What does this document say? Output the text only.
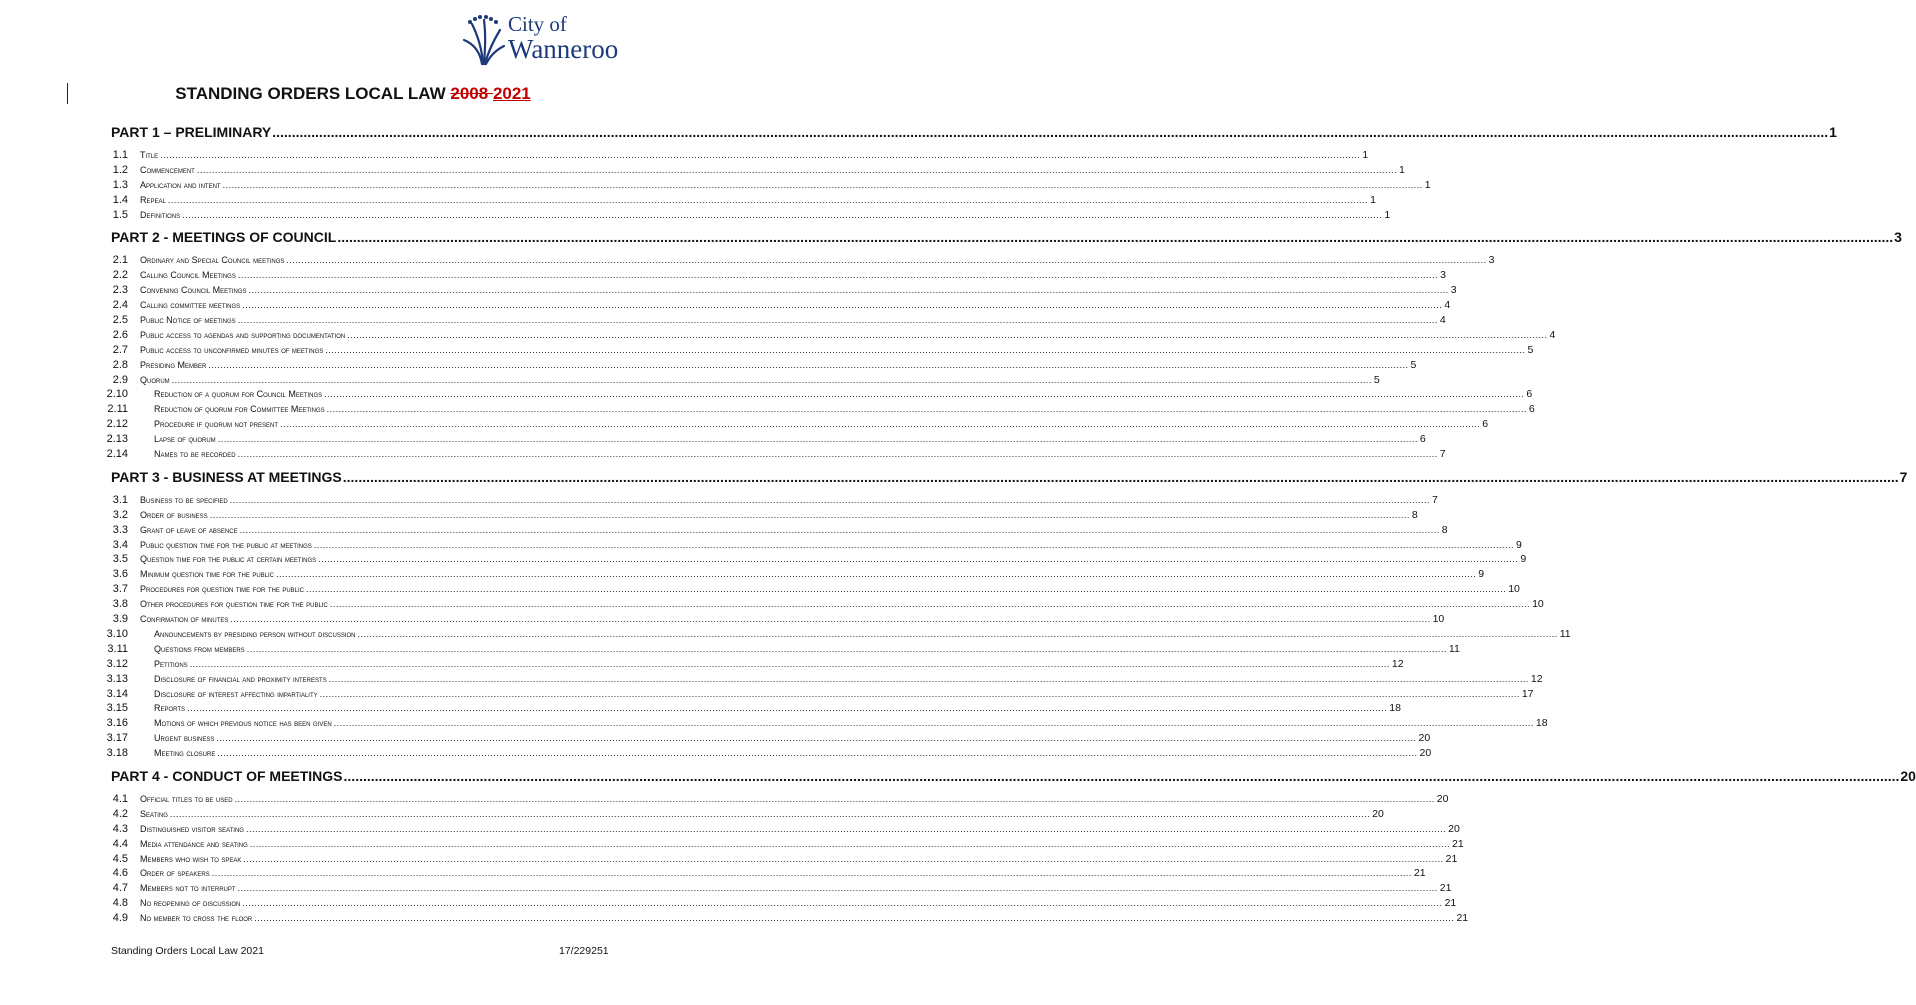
City of
Wanneroo
STANDING ORDERS LOCAL LAW 2008 2021
PART 1 – PRELIMINARY ................................................................................................................................................................................................................................................................................................................................................................................................................ 1
1.1 Title ................................................................................................................................................................................................................................................................................................................................................................................................................ 1
1.2 Commencement ................................................................................................................................................................................................................................................................................................................................................................................................................ 1
1.3 Application and intent ................................................................................................................................................................................................................................................................................................................................................................................................................ 1
1.4 Repeal ................................................................................................................................................................................................................................................................................................................................................................................................................ 1
1.5 Definitions ................................................................................................................................................................................................................................................................................................................................................................................................................ 1
PART 2 - MEETINGS OF COUNCIL ................................................................................................................................................................................................................................................................................................................................................................................................................ 3
2.1 Ordinary and Special Council meetings ................................................................................................................................................................................................................................................................................................................................................................................................................ 3
2.2 Calling Council Meetings ................................................................................................................................................................................................................................................................................................................................................................................................................ 3
2.3 Convening Council Meetings ................................................................................................................................................................................................................................................................................................................................................................................................................ 3
2.4 Calling committee meetings ................................................................................................................................................................................................................................................................................................................................................................................................................ 4
2.5 Public Notice of meetings ................................................................................................................................................................................................................................................................................................................................................................................................................ 4
2.6 Public access to agendas and supporting documentation ................................................................................................................................................................................................................................................................................................................................................................................................................ 4
2.7 Public access to unconfirmed minutes of meetings ................................................................................................................................................................................................................................................................................................................................................................................................................ 5
2.8 Presiding Member ................................................................................................................................................................................................................................................................................................................................................................................................................ 5
2.9 Quorum ................................................................................................................................................................................................................................................................................................................................................................................................................ 5
2.10	Reduction of a quorum for Council Meetings ................................................................................................................................................................................................................................................................................................................................................................................................................ 6
2.11	Reduction of quorum for Committee Meetings ................................................................................................................................................................................................................................................................................................................................................................................................................ 6
2.12	Procedure if quorum not present ................................................................................................................................................................................................................................................................................................................................................................................................................ 6
2.13	Lapse of quorum ................................................................................................................................................................................................................................................................................................................................................................................................................ 6
2.14	Names to be recorded ................................................................................................................................................................................................................................................................................................................................................................................................................ 7
PART 3 - BUSINESS AT MEETINGS ................................................................................................................................................................................................................................................................................................................................................................................................................ 7
3.1 Business to be specified ................................................................................................................................................................................................................................................................................................................................................................................................................ 7
3.2 Order of business ................................................................................................................................................................................................................................................................................................................................................................................................................ 8
3.3 Grant of leave of absence ................................................................................................................................................................................................................................................................................................................................................................................................................ 8
3.4 Public question time for the public at meetings ................................................................................................................................................................................................................................................................................................................................................................................................................ 9
3.5 Question time for the public at certain meetings ................................................................................................................................................................................................................................................................................................................................................................................................................ 9
3.6 Minimum question time for the public ................................................................................................................................................................................................................................................................................................................................................................................................................ 9
3.7 Procedures for question time for the public ................................................................................................................................................................................................................................................................................................................................................................................................................ 10
3.8 Other procedures for question time for the public ................................................................................................................................................................................................................................................................................................................................................................................................................ 10
3.9 Confirmation of minutes ................................................................................................................................................................................................................................................................................................................................................................................................................ 10
3.10	Announcements by presiding person without discussion ................................................................................................................................................................................................................................................................................................................................................................................................................ 11
3.11	Questions from members ................................................................................................................................................................................................................................................................................................................................................................................................................ 11
3.12	Petitions ................................................................................................................................................................................................................................................................................................................................................................................................................ 12
3.13	Disclosure of financial and proximity interests ................................................................................................................................................................................................................................................................................................................................................................................................................ 12
3.14	Disclosure of interest affecting impartiality ................................................................................................................................................................................................................................................................................................................................................................................................................ 17
3.15	Reports ................................................................................................................................................................................................................................................................................................................................................................................................................ 18
3.16	Motions of which previous notice has been given ................................................................................................................................................................................................................................................................................................................................................................................................................ 18
3.17	Urgent business ................................................................................................................................................................................................................................................................................................................................................................................................................ 20
3.18	Meeting closure ................................................................................................................................................................................................................................................................................................................................................................................................................ 20
PART 4 - CONDUCT OF MEETINGS ................................................................................................................................................................................................................................................................................................................................................................................................................ 20
4.1 Official titles to be used ................................................................................................................................................................................................................................................................................................................................................................................................................ 20
4.2 Seating ................................................................................................................................................................................................................................................................................................................................................................................................................ 20
4.3 Distinguished visitor seating ................................................................................................................................................................................................................................................................................................................................................................................................................ 20
4.4 Media attendance and seating ................................................................................................................................................................................................................................................................................................................................................................................................................ 21
4.5 Members who wish to speak ................................................................................................................................................................................................................................................................................................................................................................................................................ 21
4.6 Order of speakers ................................................................................................................................................................................................................................................................................................................................................................................................................ 21
4.7 Members not to interrupt ................................................................................................................................................................................................................................................................................................................................................................................................................ 21
4.8 No reopening of discussion ................................................................................................................................................................................................................................................................................................................................................................................................................ 21
4.9 No member to cross the floor ................................................................................................................................................................................................................................................................................................................................................................................................................ 21
Standing Orders Local Law 2021	17/229251
